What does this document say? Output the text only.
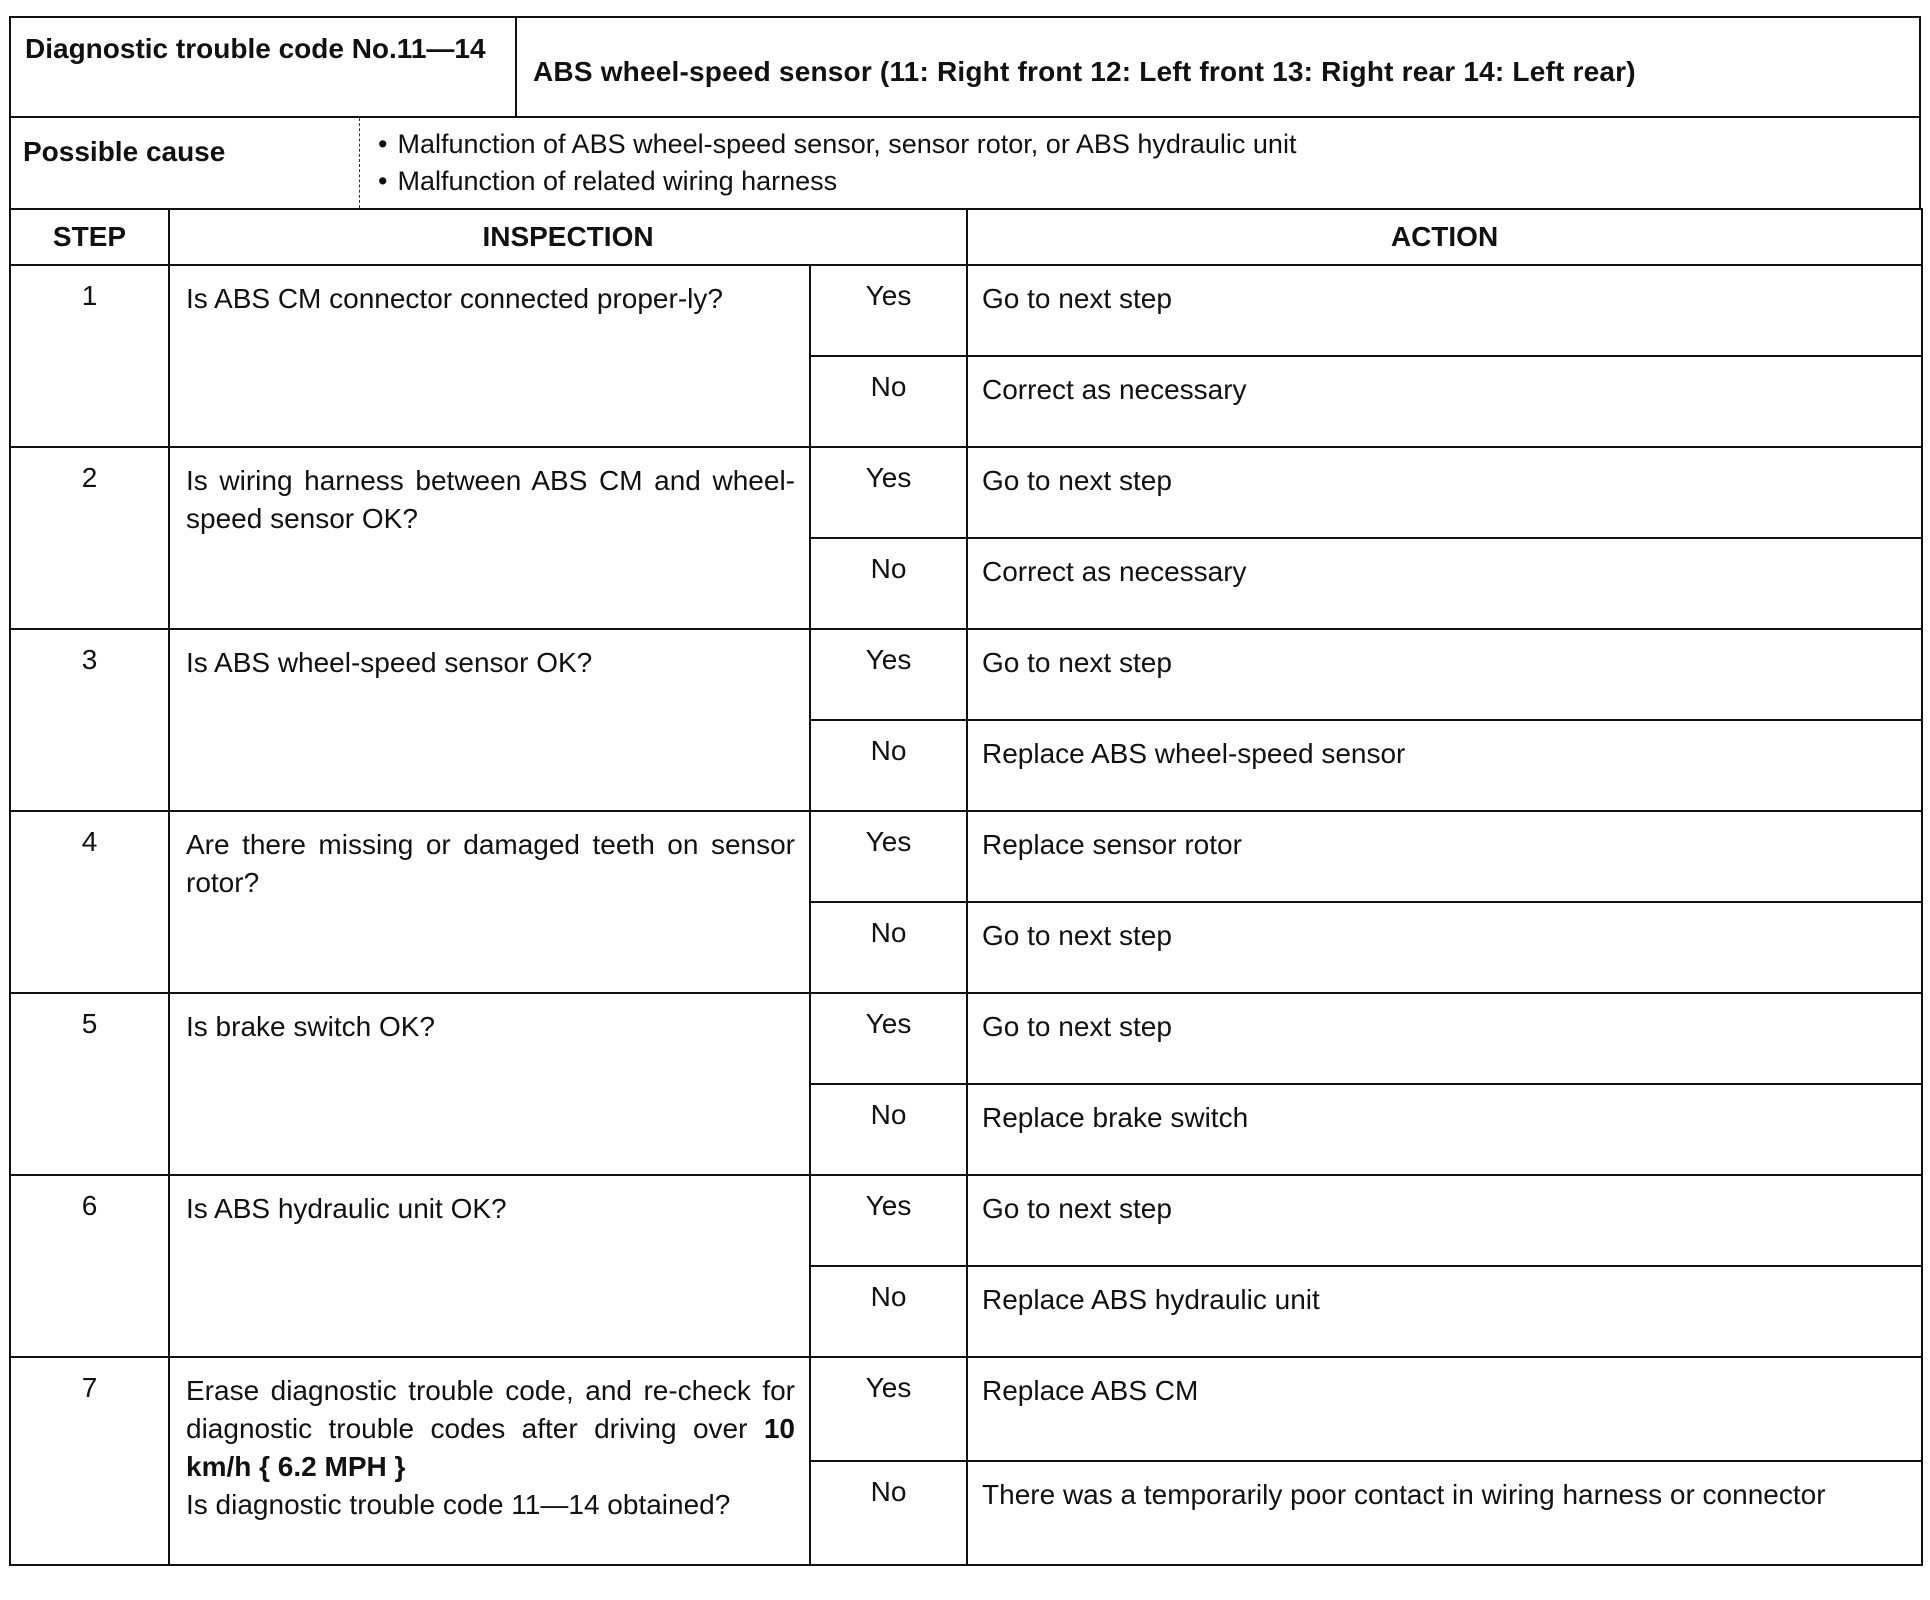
Diagnostic trouble code No.11—14
ABS wheel-speed sensor (11: Right front 12: Left front 13: Right rear 14: Left rear)
Possible cause	• Malfunction of ABS wheel-speed sensor, sensor rotor, or ABS hydraulic unit
• Malfunction of related wiring harness
STEP	INSPECTION		ACTION
1	Is ABS CM connector connected proper-ly?	Yes	Go to next step
		No	Correct as necessary
2	Is wiring harness between ABS CM and wheel-speed sensor OK?	Yes	Go to next step
		No	Correct as necessary
3	Is ABS wheel-speed sensor OK?	Yes	Go to next step
		No	Replace ABS wheel-speed sensor
4	Are there missing or damaged teeth on sensor rotor?	Yes	Replace sensor rotor
		No	Go to next step
5	Is brake switch OK?	Yes	Go to next step
		No	Replace brake switch
6	Is ABS hydraulic unit OK?	Yes	Go to next step
		No	Replace ABS hydraulic unit
7	Erase diagnostic trouble code, and re-check for diagnostic trouble codes after driving over 10 km/h { 6.2 MPH }
Is diagnostic trouble code 11—14 obtained?	Yes	Replace ABS CM
		No	There was a temporarily poor contact in wiring harness or connector
